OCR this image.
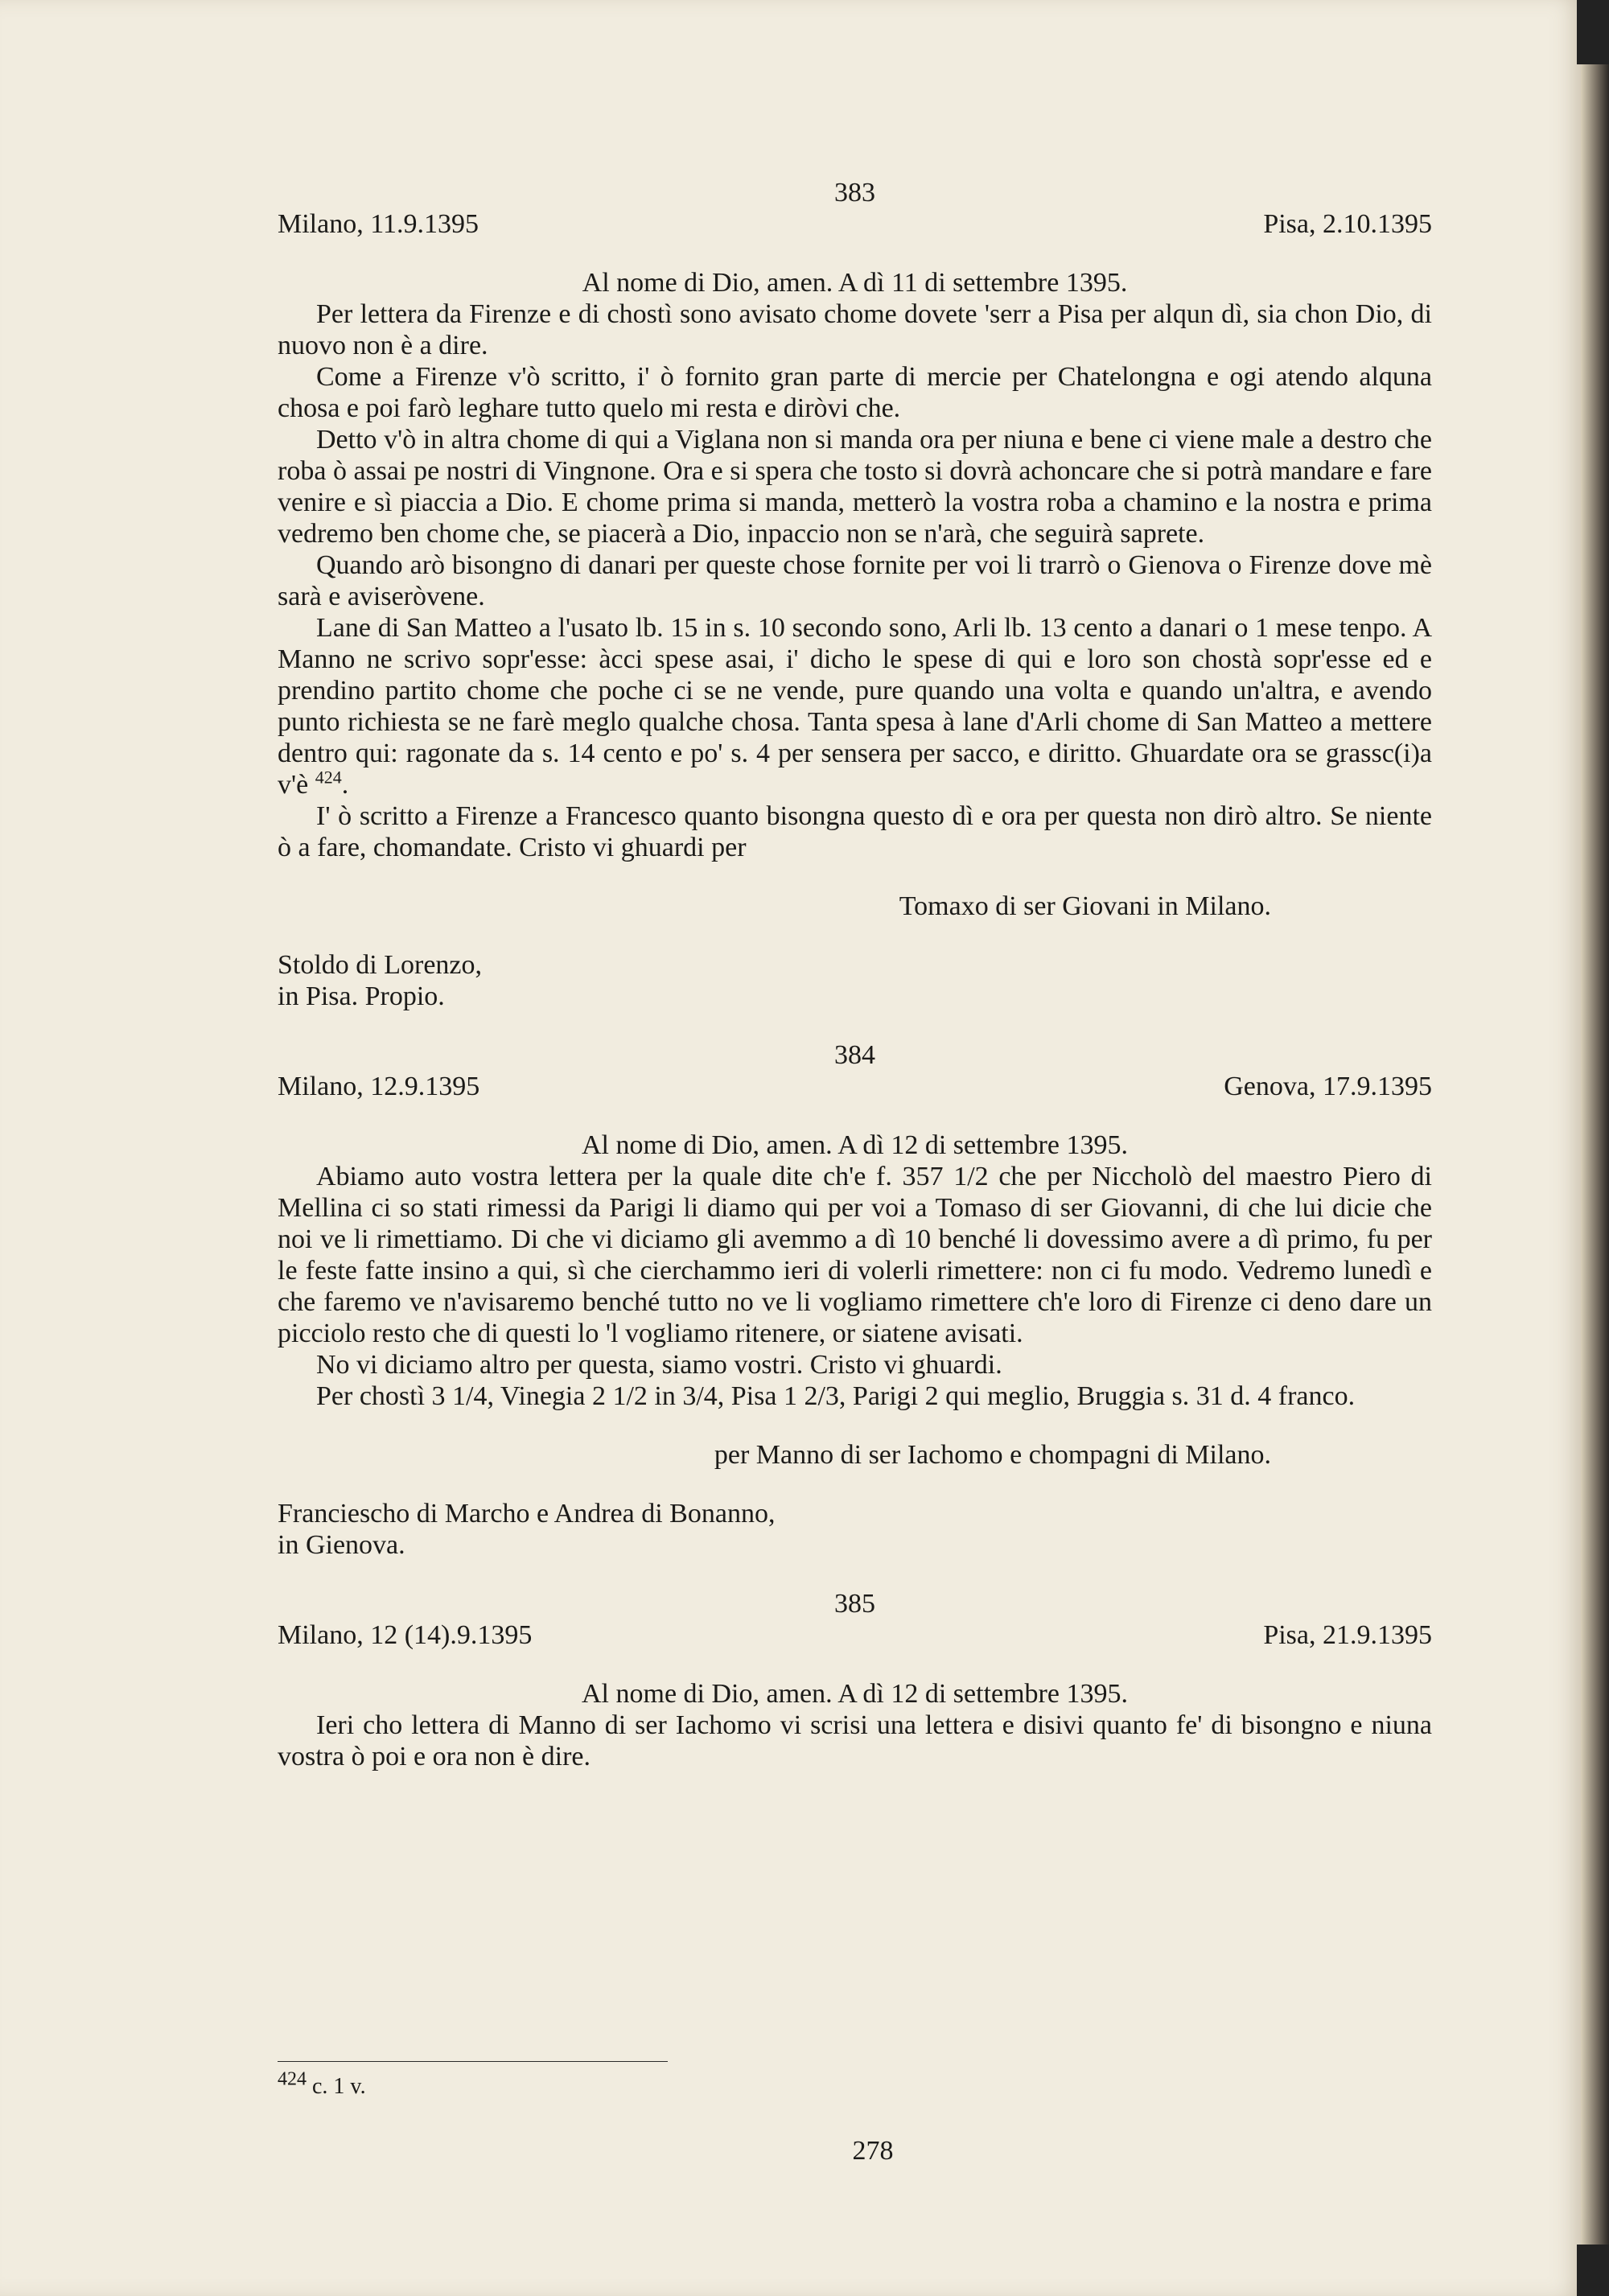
383

Milano, 11.9.1395	Pisa, 2.10.1395

Al nome di Dio, amen. A dì 11 di settembre 1395.

Per lettera da Firenze e di chostì sono avisato chome dovete 'serr a Pisa per alqun dì, sia chon Dio, di nuovo non è a dire.

Come a Firenze v'ò scritto, i' ò fornito gran parte di mercie per Chatelongna e ogi atendo alquna chosa e poi farò leghare tutto quelo mi resta e diròvi che.

Detto v'ò in altra chome di qui a Viglana non si manda ora per niuna e bene ci viene male a destro che roba ò assai pe nostri di Vingnone. Ora e si spera che tosto si dovrà achoncare che si potrà mandare e fare venire e sì piaccia a Dio. E chome prima si manda, metterò la vostra roba a chamino e la nostra e prima vedremo ben chome che, se piacerà a Dio, inpaccio non se n'arà, che seguirà saprete.

Quando arò bisongno di danari per queste chose fornite per voi li trarrò o Gienova o Firenze dove mè sarà e aviseròvene.

Lane di San Matteo a l'usato lb. 15 in s. 10 secondo sono, Arli lb. 13 cento a danari o 1 mese tenpo. A Manno ne scrivo sopr'esse: àcci spese asai, i' dicho le spese di qui e loro son chostà sopr'esse ed e prendino partito chome che poche ci se ne vende, pure quando una volta e quando un'altra, e avendo punto richiesta se ne farè meglo qualche chosa. Tanta spesa à lane d'Arli chome di San Matteo a mettere dentro qui: ragonate da s. 14 cento e po' s. 4 per sensera per sacco, e diritto. Ghuardate ora se grassc(i)a v'è $^{424}$.

I' ò scritto a Firenze a Francesco quanto bisongna questo dì e ora per questa non dirò altro. Se niente ò a fare, chomandate. Cristo vi ghuardi per

Tomaxo di ser Giovani in Milano.

Stoldo di Lorenzo,

in Pisa. Propio.

384

Milano, 12.9.1395	Genova, 17.9.1395

Al nome di Dio, amen. A dì 12 di settembre 1395.

Abiamo auto vostra lettera per la quale dite ch'e f. 357 1/2 che per Niccholò del maestro Piero di Mellina ci so stati rimessi da Parigi li diamo qui per voi a Tomaso di ser Giovanni, di che lui dicie che noi ve li rimettiamo. Di che vi diciamo gli avemmo a dì 10 benché li dovessimo avere a dì primo, fu per le feste fatte insino a qui, sì che cierchammo ieri di volerli rimettere: non ci fu modo. Vedremo lunedì e che faremo ve n'avisaremo benché tutto no ve li vogliamo rimettere ch'e loro di Firenze ci deno dare un picciolo resto che di questi lo 'l vogliamo ritenere, or siatene avisati.

No vi diciamo altro per questa, siamo vostri. Cristo vi ghuardi.

Per chostì 3 1/4, Vinegia 2 1/2 in 3/4, Pisa 1 2/3, Parigi 2 qui meglio, Bruggia s. 31 d. 4 franco.

per Manno di ser Iachomo e chompagni di Milano.

Franciescho di Marcho e Andrea di Bonanno,

in Gienova.

385

Milano, 12 (14).9.1395	Pisa, 21.9.1395

Al nome di Dio, amen. A dì 12 di settembre 1395.

Ieri cho lettera di Manno di ser Iachomo vi scrisi una lettera e disivi quanto fe' di bisongno e niuna vostra ò poi e ora non è dire.

424 c. 1 v.
278
